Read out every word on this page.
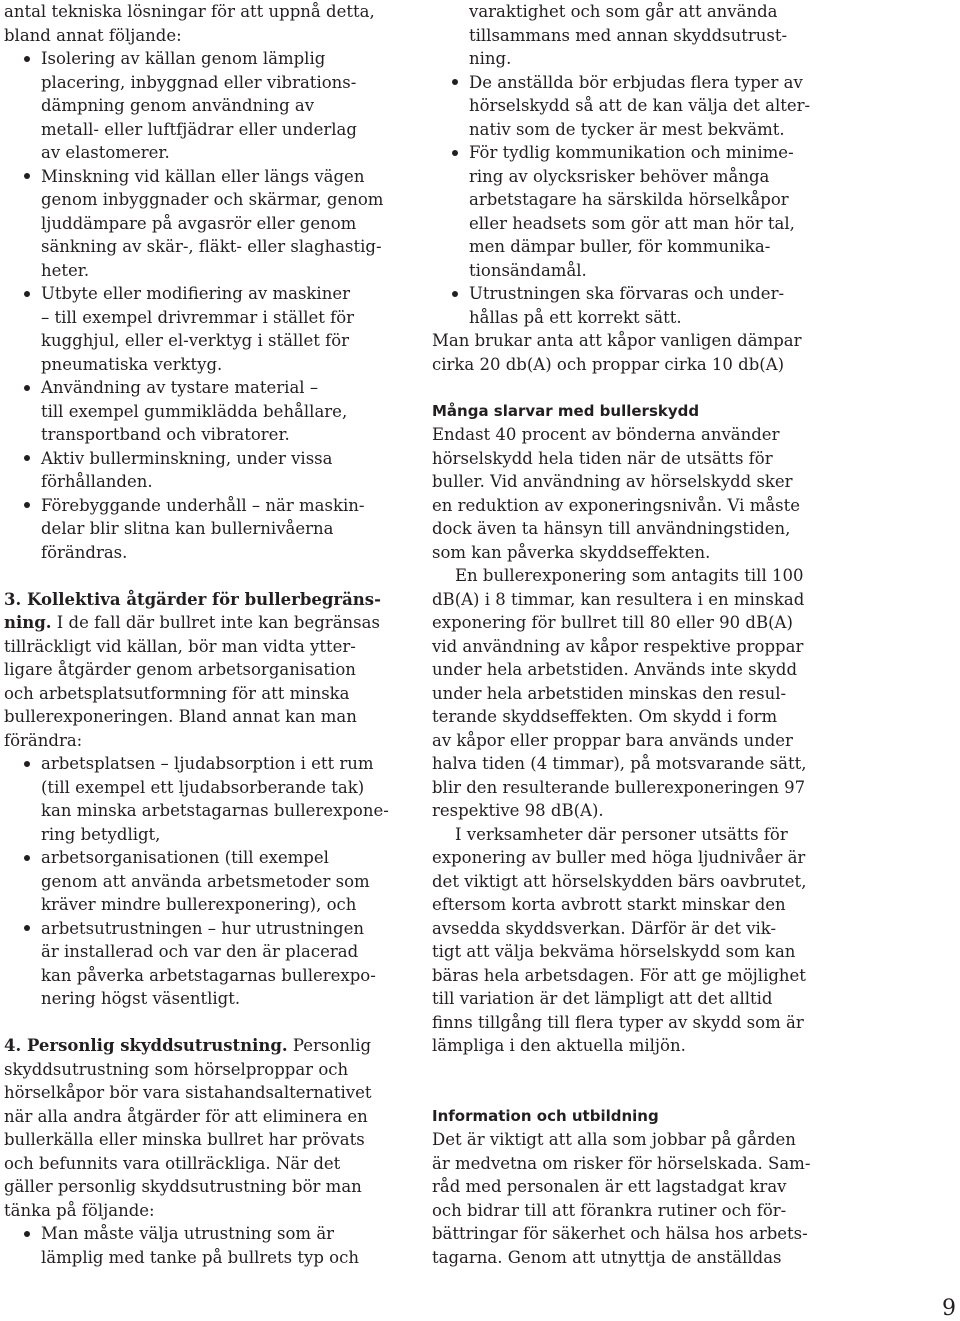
antal tekniska lösningar för att uppnå detta,
bland annat följande:
Isolering av källan genom lämplig
placering, inbyggnad eller vibrations-
dämpning genom användning av
metall- eller luftfjädrar eller underlag
av elastomerer.
Minskning vid källan eller längs vägen
genom inbyggnader och skärmar, genom
ljuddämpare på avgasrör eller genom
sänkning av skär-, fläkt- eller slaghastig-
heter.
Utbyte eller modifiering av maskiner
– till exempel drivremmar i stället för
kugghjul, eller el-verktyg i stället för
pneumatiska verktyg.
Användning av tystare material –
till exempel gummiklädda behållare,
transportband och vibratorer.
Aktiv bullerminskning, under vissa
förhållanden.
Förebyggande underhåll – när maskin-
delar blir slitna kan bullernivåerna
förändras.
3. Kollektiva åtgärder för bullerbegräns-
ning. I de fall där bullret inte kan begränsas
tillräckligt vid källan, bör man vidta ytter-
ligare åtgärder genom arbetsorganisation
och arbetsplatsutformning för att minska
bullerexponeringen. Bland annat kan man
förändra:
arbetsplatsen – ljudabsorption i ett rum
(till exempel ett ljudabsorberande tak)
kan minska arbetstagarnas bullerexpone-
ring betydligt,
arbetsorganisationen (till exempel
genom att använda arbetsmetoder som
kräver mindre bullerexponering), och
arbetsutrustningen – hur utrustningen
är installerad och var den är placerad
kan påverka arbetstagarnas bullerexpo-
nering högst väsentligt.
4. Personlig skyddsutrustning. Personlig
skyddsutrustning som hörselproppar och
hörselkåpor bör vara sistahandsalternativet
när alla andra åtgärder för att eliminera en
bullerkälla eller minska bullret har prövats
och befunnits vara otillräckliga. När det
gäller personlig skyddsutrustning bör man
tänka på följande:
Man måste välja utrustning som är
lämplig med tanke på bullrets typ och
varaktighet och som går att använda
tillsammans med annan skyddsutrust-
ning.
De anställda bör erbjudas flera typer av
hörselskydd så att de kan välja det alter-
nativ som de tycker är mest bekvämt.
För tydlig kommunikation och minime-
ring av olycksrisker behöver många
arbetstagare ha särskilda hörselkåpor
eller headsets som gör att man hör tal,
men dämpar buller, för kommunika-
tionsändamål.
Utrustningen ska förvaras och under-
hållas på ett korrekt sätt.
Man brukar anta att kåpor vanligen dämpar
cirka 20 db(A) och proppar cirka 10 db(A)
Många slarvar med bullerskydd
Endast 40 procent av bönderna använder
hörselskydd hela tiden när de utsätts för
buller. Vid användning av hörselskydd sker
en reduktion av exponeringsnivån. Vi måste
dock även ta hänsyn till användningstiden,
som kan påverka skyddseffekten.
En bullerexponering som antagits till 100
dB(A) i 8 timmar, kan resultera i en minskad
exponering för bullret till 80 eller 90 dB(A)
vid användning av kåpor respektive proppar
under hela arbetstiden. Används inte skydd
under hela arbetstiden minskas den resul-
terande skyddseffekten. Om skydd i form
av kåpor eller proppar bara används under
halva tiden (4 timmar), på motsvarande sätt,
blir den resulterande bullerexponeringen 97
respektive 98 dB(A).
I verksamheter där personer utsätts för
exponering av buller med höga ljudnivåer är
det viktigt att hörselskydden bärs oavbrutet,
eftersom korta avbrott starkt minskar den
avsedda skyddsverkan. Därför är det vik-
tigt att välja bekväma hörselskydd som kan
bäras hela arbetsdagen. För att ge möjlighet
till variation är det lämpligt att det alltid
finns tillgång till flera typer av skydd som är
lämpliga i den aktuella miljön.
Information och utbildning
Det är viktigt att alla som jobbar på gården
är medvetna om risker för hörselskada. Sam-
råd med personalen är ett lagstadgat krav
och bidrar till att förankra rutiner och för-
bättringar för säkerhet och hälsa hos arbets-
tagarna. Genom att utnyttja de anställdas
9
